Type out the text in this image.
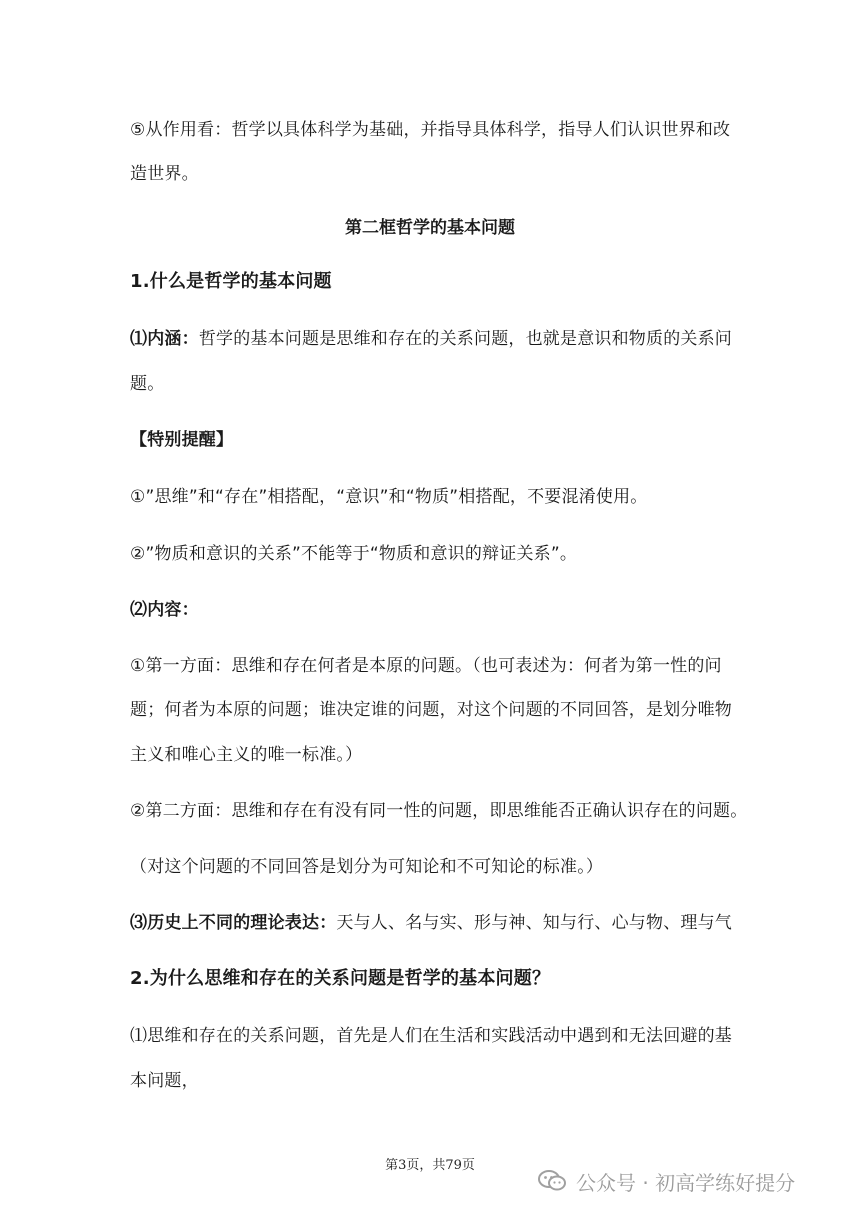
⑤从作用看：哲学以具体科学为基础，并指导具体科学，指导人们认识世界和改
造世界。
第二框哲学的基本问题
1.什么是哲学的基本问题
⑴内涵：哲学的基本问题是思维和存在的关系问题，也就是意识和物质的关系问
题。
【特别提醒】
①”思维”和“存在”相搭配，“意识”和“物质”相搭配，不要混淆使用。
②”物质和意识的关系”不能等于“物质和意识的辩证关系”。
⑵内容：
①第一方面：思维和存在何者是本原的问题。（也可表述为：何者为第一性的问
题；何者为本原的问题；谁决定谁的问题，对这个问题的不同回答，是划分唯物
主义和唯心主义的唯一标准。）
②第二方面：思维和存在有没有同一性的问题，即思维能否正确认识存在的问题。
（对这个问题的不同回答是划分为可知论和不可知论的标准。）
⑶历史上不同的理论表达：天与人、名与实、形与神、知与行、心与物、理与气
2.为什么思维和存在的关系问题是哲学的基本问题？
⑴思维和存在的关系问题，首先是人们在生活和实践活动中遇到和无法回避的基
本问题，
第3页，共79页
公众号 · 初高学练好提分
